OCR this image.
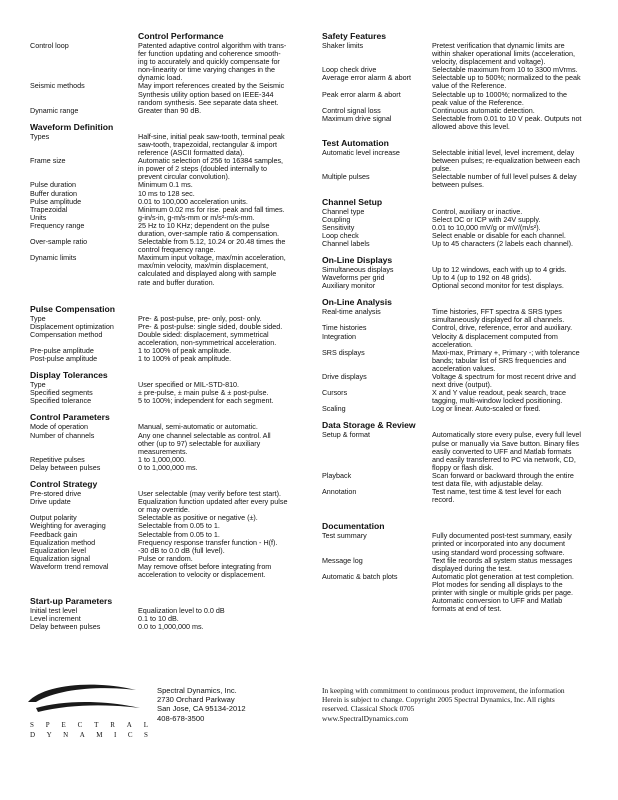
Control Performance
Control loop	Patented adaptive control algorithm with trans-
fer function updating and coherence smooth-
ing to accurately and quickly compensate for
non-linearity or time varying changes in the
dynamic load.
Seismic methods	May import references created by the Seismic
Synthesis utility option based on IEEE-344
random synthesis. See separate data sheet.
Dynamic range	Greater than 90 dB.
Waveform Definition
Types	Half-sine, initial peak saw-tooth, terminal peak
saw-tooth, trapezoidal, rectangular & import
reference (ASCII formatted data).
Frame size	Automatic selection of 256 to 16384 samples,
in power of 2 steps (doubled internally to
prevent circular convolution).
Pulse duration	Minimum 0.1 ms.
Buffer duration	10 ms to 128 sec.
Pulse amplitude	0.01 to 100,000 acceleration units.
Trapezoidal	Minimum 0.02 ms for rise. peak and fall times.
Units	g-in/s-in, g-m/s-mm or m/s²-m/s-mm.
Frequency range	25 Hz to 10 KHz; dependent on the pulse
duration, over-sample ratio & compensation.
Over-sample ratio	Selectable from 5.12, 10.24 or 20.48 times the
control frequency range.
Dynamic limits	Maximum input voltage, max/min acceleration,
max/min velocity, max/min displacement,
calculated and displayed along with sample
rate and buffer duration.
Pulse Compensation
Type	Pre- & post-pulse, pre- only, post- only.
Displacement optimization	Pre- & post-pulse: single sided, double sided.
Compensation method	Double sided: displacement, symmetrical
acceleration, non-symmetrical acceleration.
Pre-pulse amplitude	1 to 100% of peak amplitude.
Post-pulse amplitude	1 to 100% of peak amplitude.
Display Tolerances
Type	User specified or MIL-STD-810.
Specified segments	± pre-pulse, ± main pulse & ± post-pulse.
Specified tolerance	5 to 100%; independent for each segment.
Control Parameters
Mode of operation	Manual, semi-automatic or automatic.
Number of channels	Any one channel selectable as control. All
other (up to 97) selectable for auxiliary
measurements.
Repetitive pulses	1 to 1,000,000.
Delay between pulses	0 to 1,000,000 ms.
Control Strategy
Pre-stored drive	User selectable (may verify before test start).
Drive update	Equalization function updated after every pulse
or may override.
Output polarity	Selectable as positive or negative (±).
Weighting for averaging	Selectable from 0.05 to 1.
Feedback gain	Selectable from 0.05 to 1.
Equalization method	Frequency response transfer function - H(f).
Equalization level	-30 dB to 0.0 dB (full level).
Equalization signal	Pulse or random.
Waveform trend removal	May remove offset before integrating from
acceleration to velocity or displacement.
Start-up Parameters
Initial test level	Equalization level to 0.0 dB
Level increment	0.1 to 10 dB.
Delay between pulses	0.0 to 1,000,000 ms.
Safety Features
Shaker limits	Pretest verification that dynamic limits are
within shaker operational limits (acceleration,
velocity, displacement and voltage).
Loop check drive	Selectable maximum from 10 to 3300 mVrms.
Average error alarm & abort	Selectable up to 500%; normalized to the peak
value of the Reference.
Peak error alarm & abort	Selectable up to 1000%; normalized to the
peak value of the Reference.
Control signal loss	Continuous automatic detection.
Maximum drive signal	Selectable from 0.01 to 10 V peak. Outputs not
allowed above this level.
Test Automation
Automatic level increase	Selectable initial level, level increment, delay
between pulses; re-equalization between each
pulse.
Multiple pulses	Selectable number of full level pulses & delay
between pulses.
Channel Setup
Channel type	Control, auxiliary or inactive.
Coupling	Select DC or ICP with 24V supply.
Sensitivity	0.01 to 10,000 mV/g or mV/(m/s²).
Loop check	Select enable or disable for each channel.
Channel labels	Up to 45 characters (2 labels each channel).
On-Line Displays
Simultaneous displays	Up to 12 windows, each with up to 4 grids.
Waveforms per grid	Up to 4 (up to 192 on 48 grids).
Auxiliary monitor	Optional second monitor for test displays.
On-Line Analysis
Real-time analysis	Time histories, FFT spectra & SRS types
simultaneously displayed for all channels.
Time histories	Control, drive, reference, error and auxiliary.
Integration	Velocity & displacement computed from
acceleration.
SRS displays	Maxi-max, Primary +, Primary -; with tolerance
bands; tabular list of SRS frequencies and
acceleration values.
Drive displays	Voltage & spectrum for most recent drive and
next drive (output).
Cursors	X and Y value readout, peak search, trace
tagging, multi-window locked positioning.
Scaling	Log or linear. Auto-scaled or fixed.
Data Storage & Review
Setup & format	Automatically store every pulse, every full level
pulse or manually via Save button. Binary files
easily converted to UFF and Matlab formats
and easily transferred to PC via network, CD,
floppy or flash disk.
Playback	Scan forward or backward through the entire
test data file, with adjustable delay.
Annotation	Test name, test time & test level for each
record.
Documentation
Test summary	Fully documented post-test summary, easily
printed or incorporated into any document
using standard word processing software.
Message log	Text file records all system status messages
displayed during the test.
Automatic & batch plots	Automatic plot generation at test completion.
Plot modes for sending all displays to the
printer with single or multiple grids per page.
Automatic conversion to UFF and Matlab
formats at end of test.
S P E C T R A L
D Y N A M I C S
Spectral Dynamics, Inc.
2730 Orchard Parkway
San Jose, CA 95134-2012
408-678-3500
In keeping with commitment to continuous product improvement, the information
Herein is subject to change. Copyright 2005 Spectral Dynamics, Inc. All rights
reserved. Classical Shock 0705
www.SpectralDynamics.com
